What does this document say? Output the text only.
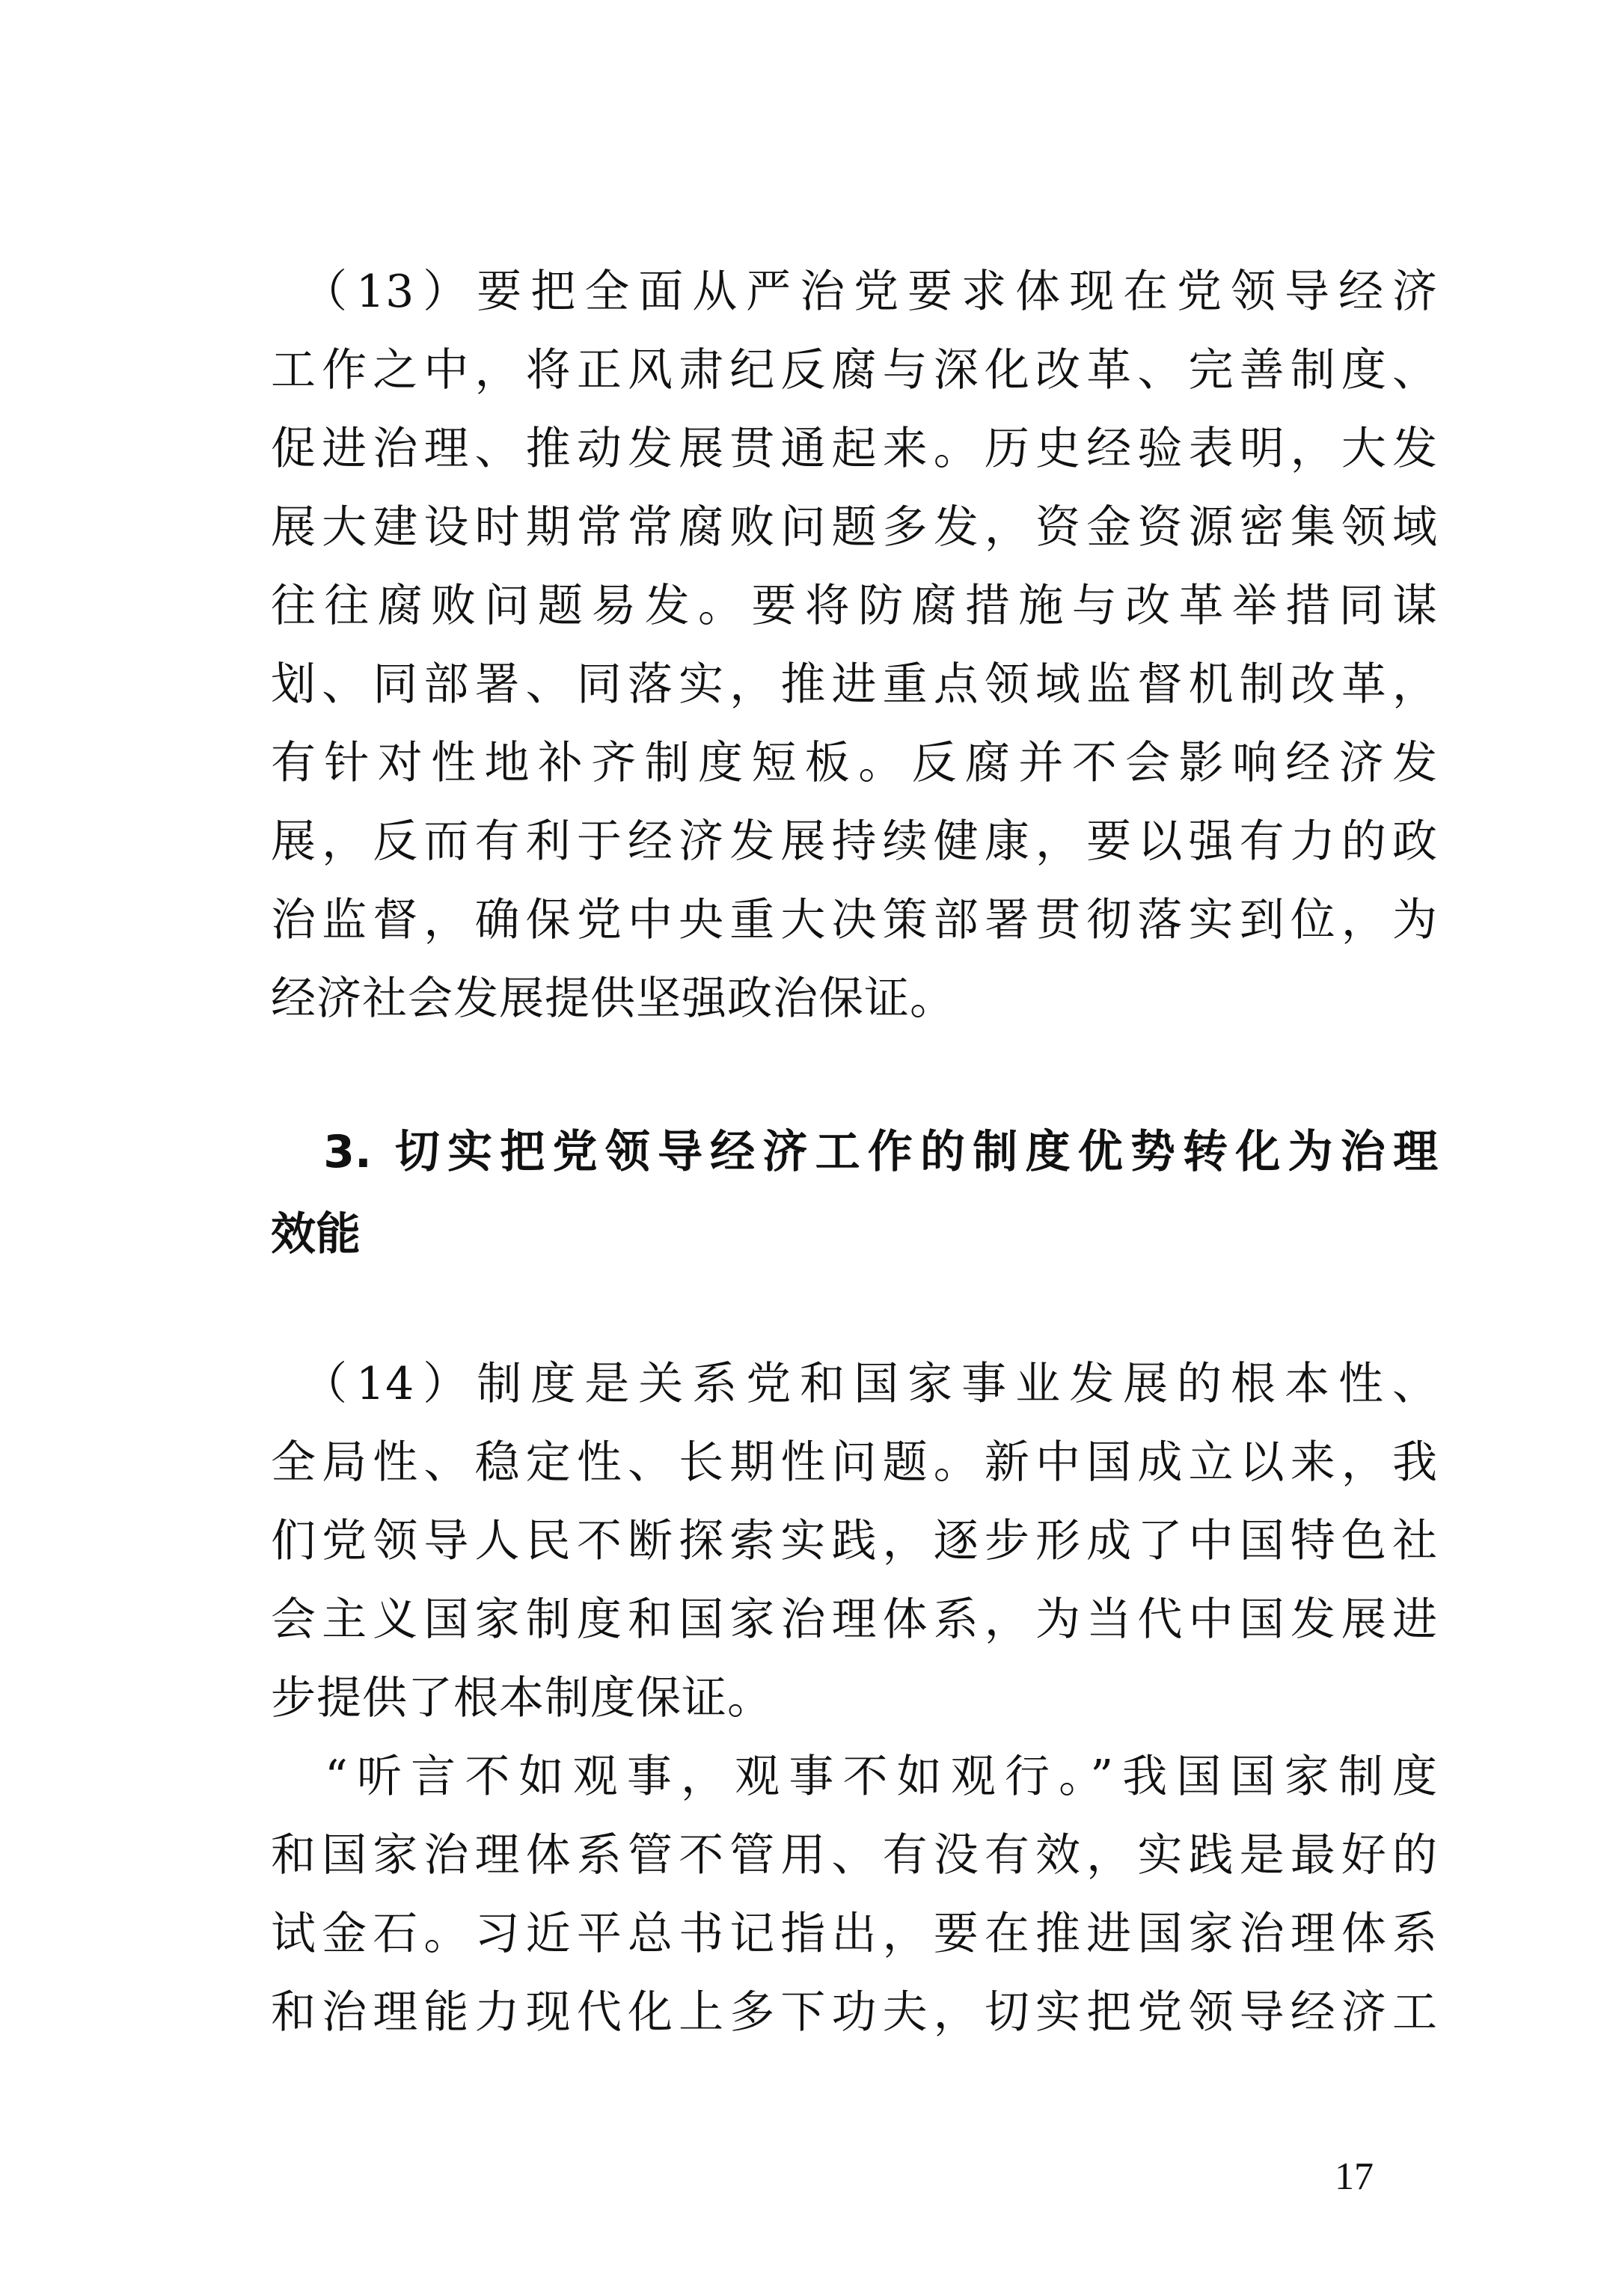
　（13）要把全面从严治党要求体现在党领导经济
工作之中，将正风肃纪反腐与深化改革、完善制度、
促进治理、推动发展贯通起来。历史经验表明，大发
展大建设时期常常腐败问题多发，资金资源密集领域
往往腐败问题易发。要将防腐措施与改革举措同谋
划、同部署、同落实，推进重点领域监督机制改革，
有针对性地补齐制度短板。反腐并不会影响经济发
展，反而有利于经济发展持续健康，要以强有力的政
治监督，确保党中央重大决策部署贯彻落实到位，为
经济社会发展提供坚强政治保证。
　3. 切实把党领导经济工作的制度优势转化为治理
效能
　（14）制度是关系党和国家事业发展的根本性、
全局性、稳定性、长期性问题。新中国成立以来，我
们党领导人民不断探索实践，逐步形成了中国特色社
会主义国家制度和国家治理体系，为当代中国发展进
步提供了根本制度保证。
　“听言不如观事，观事不如观行。”我国国家制度
和国家治理体系管不管用、有没有效，实践是最好的
试金石。习近平总书记指出，要在推进国家治理体系
和治理能力现代化上多下功夫，切实把党领导经济工
17
